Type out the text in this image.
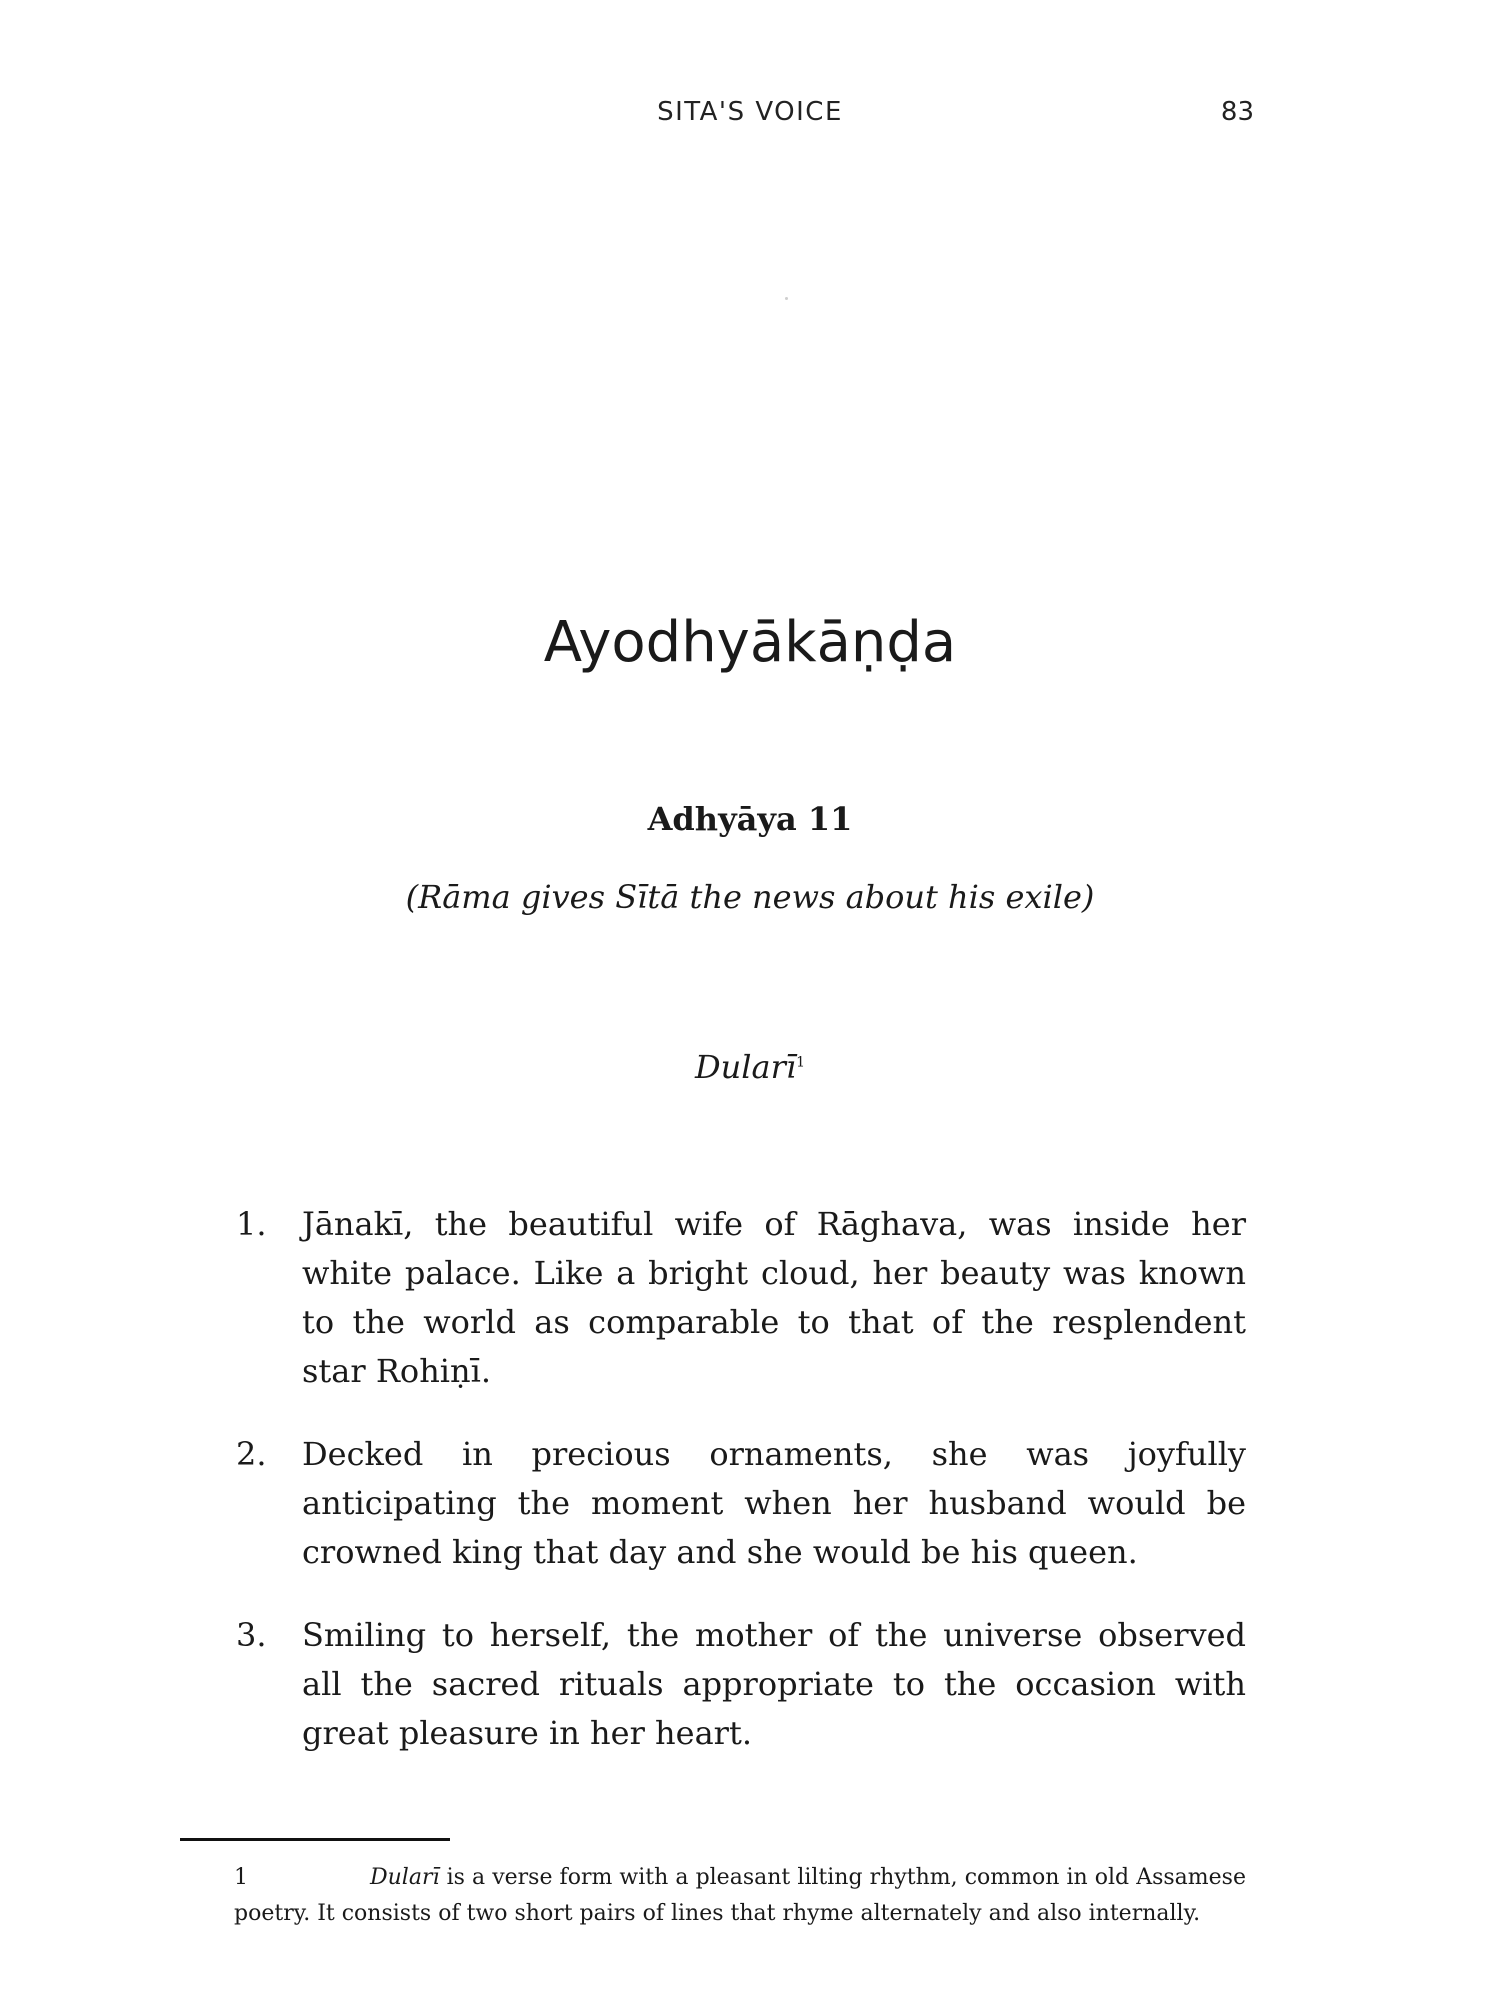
SITA'S VOICE	83
Ayodhyākāṇḍa
Adhyāya 11
(Rāma gives Sītā the news about his exile)
Dularī$^1$
1. Jānakī, the beautiful wife of Rāghava, was inside her white palace. Like a bright cloud, her beauty was known to the world as comparable to that of the resplendent star Rohiṇī.
2. Decked in precious ornaments, she was joyfully anticipating the moment when her husband would be crowned king that day and she would be his queen.
3. Smiling to herself, the mother of the universe observed all the sacred rituals appropriate to the occasion with great pleasure in her heart.
1	Dularī is a verse form with a pleasant lilting rhythm, common in old Assamese poetry. It consists of two short pairs of lines that rhyme alternately and also internally.
